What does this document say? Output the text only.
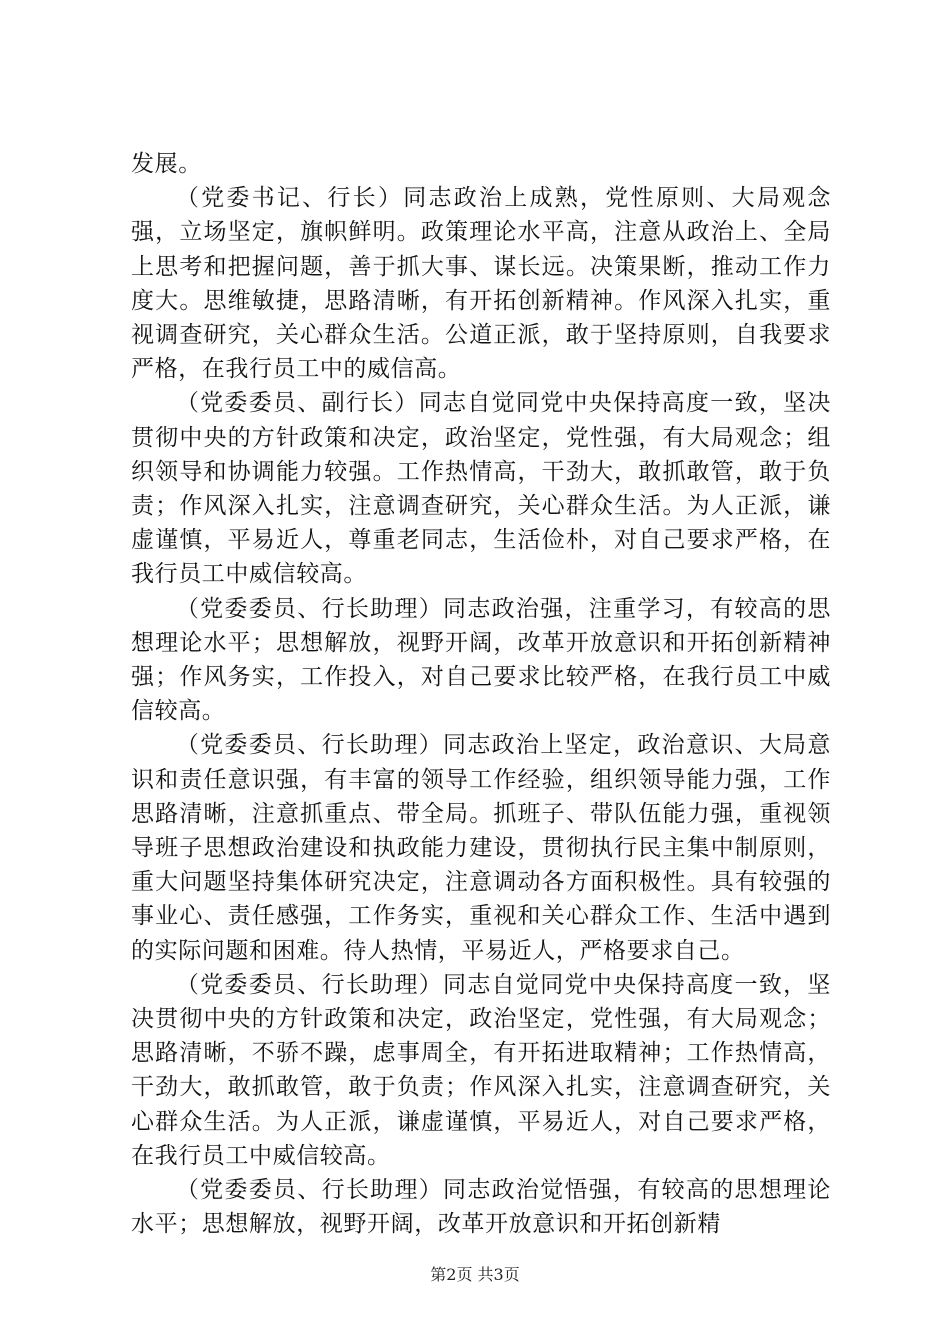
发展。

（党委书记、行长）同志政治上成熟，党性原则、大局观念强，立场坚定，旗帜鲜明。政策理论水平高，注意从政治上、全局上思考和把握问题，善于抓大事、谋长远。决策果断，推动工作力度大。思维敏捷，思路清晰，有开拓创新精神。作风深入扎实，重视调查研究，关心群众生活。公道正派，敢于坚持原则，自我要求严格，在我行员工中的威信高。

（党委委员、副行长）同志自觉同党中央保持高度一致，坚决贯彻中央的方针政策和决定，政治坚定，党性强，有大局观念；组织领导和协调能力较强。工作热情高，干劲大，敢抓敢管，敢于负责；作风深入扎实，注意调查研究，关心群众生活。为人正派，谦虚谨慎，平易近人，尊重老同志，生活俭朴，对自己要求严格，在我行员工中威信较高。

（党委委员、行长助理）同志政治强，注重学习，有较高的思想理论水平；思想解放，视野开阔，改革开放意识和开拓创新精神强；作风务实，工作投入，对自己要求比较严格，在我行员工中威信较高。

（党委委员、行长助理）同志政治上坚定，政治意识、大局意识和责任意识强，有丰富的领导工作经验，组织领导能力强，工作思路清晰，注意抓重点、带全局。抓班子、带队伍能力强，重视领导班子思想政治建设和执政能力建设，贯彻执行民主集中制原则，重大问题坚持集体研究决定，注意调动各方面积极性。具有较强的事业心、责任感强，工作务实，重视和关心群众工作、生活中遇到的实际问题和困难。待人热情，平易近人，严格要求自己。

（党委委员、行长助理）同志自觉同党中央保持高度一致，坚决贯彻中央的方针政策和决定，政治坚定，党性强，有大局观念；思路清晰，不骄不躁，虑事周全，有开拓进取精神；工作热情高，干劲大，敢抓敢管，敢于负责；作风深入扎实，注意调查研究，关心群众生活。为人正派，谦虚谨慎，平易近人，对自己要求严格，在我行员工中威信较高。

（党委委员、行长助理）同志政治觉悟强，有较高的思想理论水平；思想解放，视野开阔，改革开放意识和开拓创新精

第2页 共3页
